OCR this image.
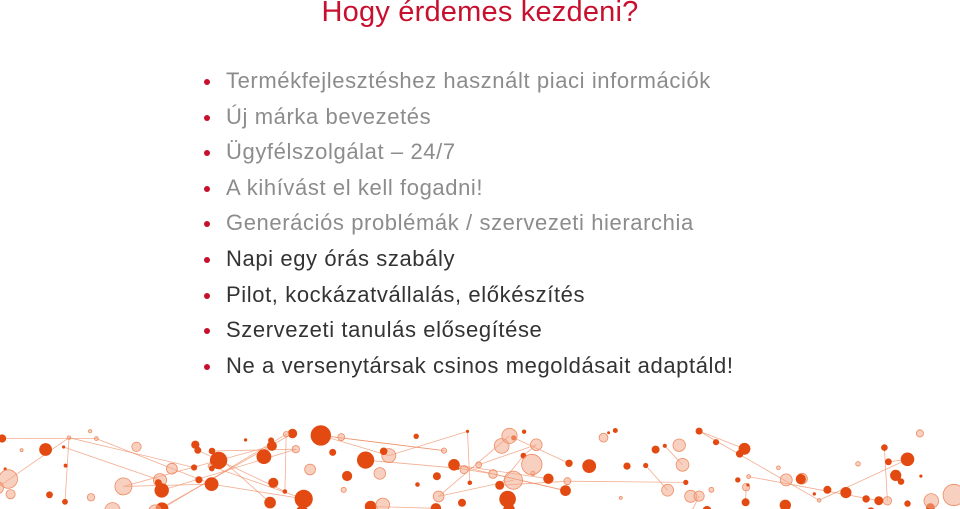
Hogy érdemes kezdeni?
Termékfejlesztéshez használt piaci információk
Új márka bevezetés
Ügyfélszolgálat – 24/7
A kihívást el kell fogadni!
Generációs problémák / szervezeti hierarchia
Napi egy órás szabály
Pilot, kockázatvállalás, előkészítés
Szervezeti tanulás elősegítése
Ne a versenytársak csinos megoldásait adaptáld!
